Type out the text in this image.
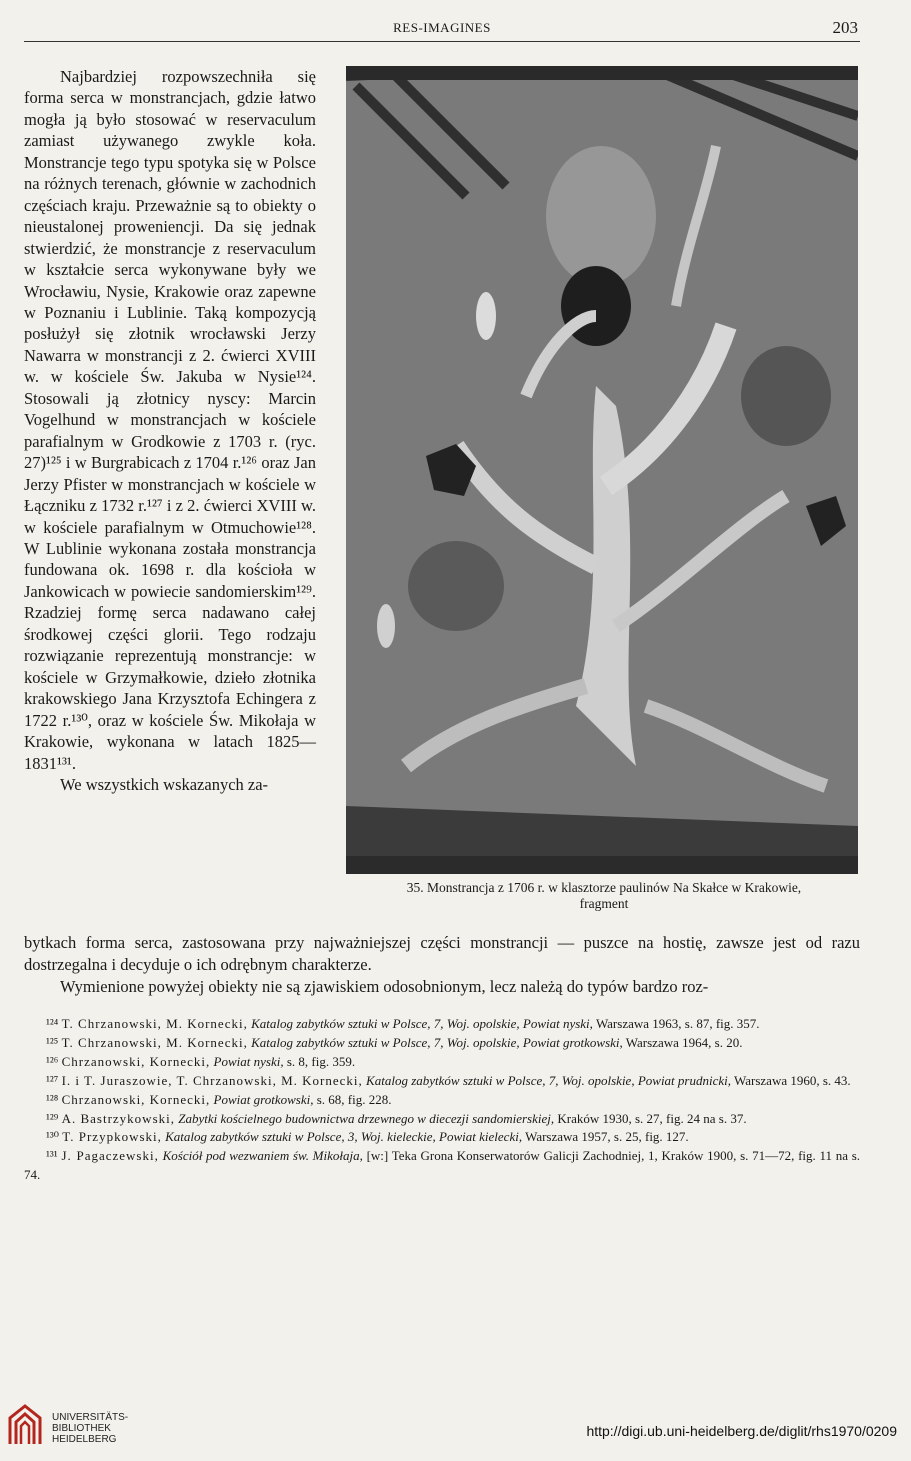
RES-IMAGINES	203

Najbardziej rozpowszechniła się forma serca w monstrancjach, gdzie łatwo mogła ją było stosować w reservaculum zamiast używanego zwykle koła. Monstrancje tego typu spotyka się w Polsce na różnych terenach, głównie w zachodnich częściach kraju. Przeważnie są to obiekty o nieustalonej proweniencji. Da się jednak stwierdzić, że monstrancje z reservaculum w kształcie serca wykonywane były we Wrocławiu, Nysie, Krakowie oraz zapewne w Poznaniu i Lublinie. Taką kompozycją posłużył się złotnik wrocławski Jerzy Nawarra w monstrancji z 2. ćwierci XVIII w. w kościele Św. Jakuba w Nysie¹²⁴. Stosowali ją złotnicy nyscy: Marcin Vogelhund w monstrancjach w kościele parafialnym w Grodkowie z 1703 r. (ryc. 27)¹²⁵ i w Burgrabicach z 1704 r.¹²⁶ oraz Jan Jerzy Pfister w monstrancjach w kościele w Łączniku z 1732 r.¹²⁷ i z 2. ćwierci XVIII w. w kościele parafialnym w Otmuchowie¹²⁸. W Lublinie wykonana została monstrancja fundowana ok. 1698 r. dla kościoła w Jankowicach w powiecie sandomierskim¹²⁹. Rzadziej formę serca nadawano całej środkowej części glorii. Tego rodzaju rozwiązanie reprezentują monstrancje: w kościele w Grzymałkowie, dzieło złotnika krakowskiego Jana Krzysztofa Echingera z 1722 r.¹³⁰, oraz w kościele Św. Mikołaja w Krakowie, wykonana w latach 1825—1831¹³¹.

We wszystkich wskazanych za-

35. Monstrancja z 1706 r. w klasztorze paulinów Na Skałce w Krakowie,
fragment

bytkach forma serca, zastosowana przy najważniejszej części monstrancji — puszce na hostię, zawsze jest od razu dostrzegalna i decyduje o ich odrębnym charakterze.

Wymienione powyżej obiekty nie są zjawiskiem odosobnionym, lecz należą do typów bardzo roz-

¹²⁴ T. Chrzanowski, M. Kornecki, Katalog zabytków sztuki w Polsce, 7, Woj. opolskie, Powiat nyski, Warszawa 1963, s. 87, fig. 357.

¹²⁵ T. Chrzanowski, M. Kornecki, Katalog zabytków sztuki w Polsce, 7, Woj. opolskie, Powiat grotkowski, Warszawa 1964, s. 20.

¹²⁶ Chrzanowski, Kornecki, Powiat nyski, s. 8, fig. 359.

¹²⁷ I. i T. Juraszowie, T. Chrzanowski, M. Kornecki, Katalog zabytków sztuki w Polsce, 7, Woj. opolskie, Powiat prudnicki, Warszawa 1960, s. 43.

¹²⁸ Chrzanowski, Kornecki, Powiat grotkowski, s. 68, fig. 228.

¹²⁹ A. Bastrzykowski, Zabytki kościelnego budownictwa drzewnego w diecezji sandomierskiej, Kraków 1930, s. 27, fig. 24 na s. 37.

¹³⁰ T. Przypkowski, Katalog zabytków sztuki w Polsce, 3, Woj. kieleckie, Powiat kielecki, Warszawa 1957, s. 25, fig. 127.

¹³¹ J. Pagaczewski, Kościół pod wezwaniem św. Mikołaja, [w:] Teka Grona Konserwatorów Galicji Zachodniej, 1, Kraków 1900, s. 71—72, fig. 11 na s. 74.

UNIVERSITÄTS-
BIBLIOTHEK
HEIDELBERG
http://digi.ub.uni-heidelberg.de/diglit/rhs1970/0209
